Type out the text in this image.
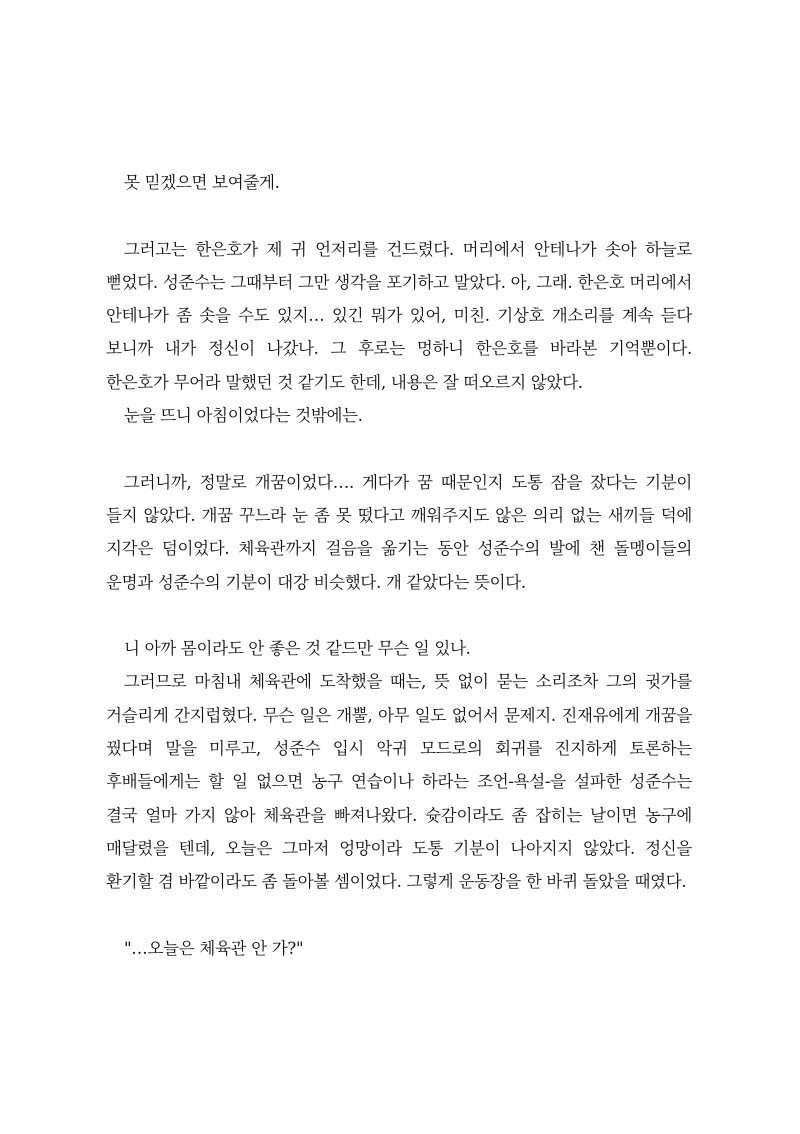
못 믿겠으면 보여줄게.

그러고는 한은호가 제 귀 언저리를 건드렸다. 머리에서 안테나가 솟아 하늘로 뻗었다. 성준수는 그때부터 그만 생각을 포기하고 말았다. 아, 그래. 한은호 머리에서 안테나가 좀 솟을 수도 있지… 있긴 뭐가 있어, 미친. 기상호 개소리를 계속 듣다 보니까 내가 정신이 나갔나. 그 후로는 멍하니 한은호를 바라본 기억뿐이다. 한은호가 무어라 말했던 것 같기도 한데, 내용은 잘 떠오르지 않았다.

눈을 뜨니 아침이었다는 것밖에는.

그러니까, 정말로 개꿈이었다…. 게다가 꿈 때문인지 도통 잠을 잤다는 기분이 들지 않았다. 개꿈 꾸느라 눈 좀 못 떴다고 깨워주지도 않은 의리 없는 새끼들 덕에 지각은 덤이었다. 체육관까지 걸음을 옮기는 동안 성준수의 발에 챈 돌멩이들의 운명과 성준수의 기분이 대강 비슷했다. 개 같았다는 뜻이다.

니 아까 몸이라도 안 좋은 것 같드만 무슨 일 있나.

그러므로 마침내 체육관에 도착했을 때는, 뜻 없이 묻는 소리조차 그의 귓가를 거슬리게 간지럽혔다. 무슨 일은 개뿔, 아무 일도 없어서 문제지. 진재유에게 개꿈을 꿨다며 말을 미루고, 성준수 입시 악귀 모드로의 회귀를 진지하게 토론하는 후배들에게는 할 일 없으면 농구 연습이나 하라는 조언-욕설-을 설파한 성준수는 결국 얼마 가지 않아 체육관을 빠져나왔다. 슛감이라도 좀 잡히는 날이면 농구에 매달렸을 텐데, 오늘은 그마저 엉망이라 도통 기분이 나아지지 않았다. 정신을 환기할 겸 바깥이라도 좀 돌아볼 셈이었다. 그렇게 운동장을 한 바퀴 돌았을 때였다.

"…오늘은 체육관 안 가?"
